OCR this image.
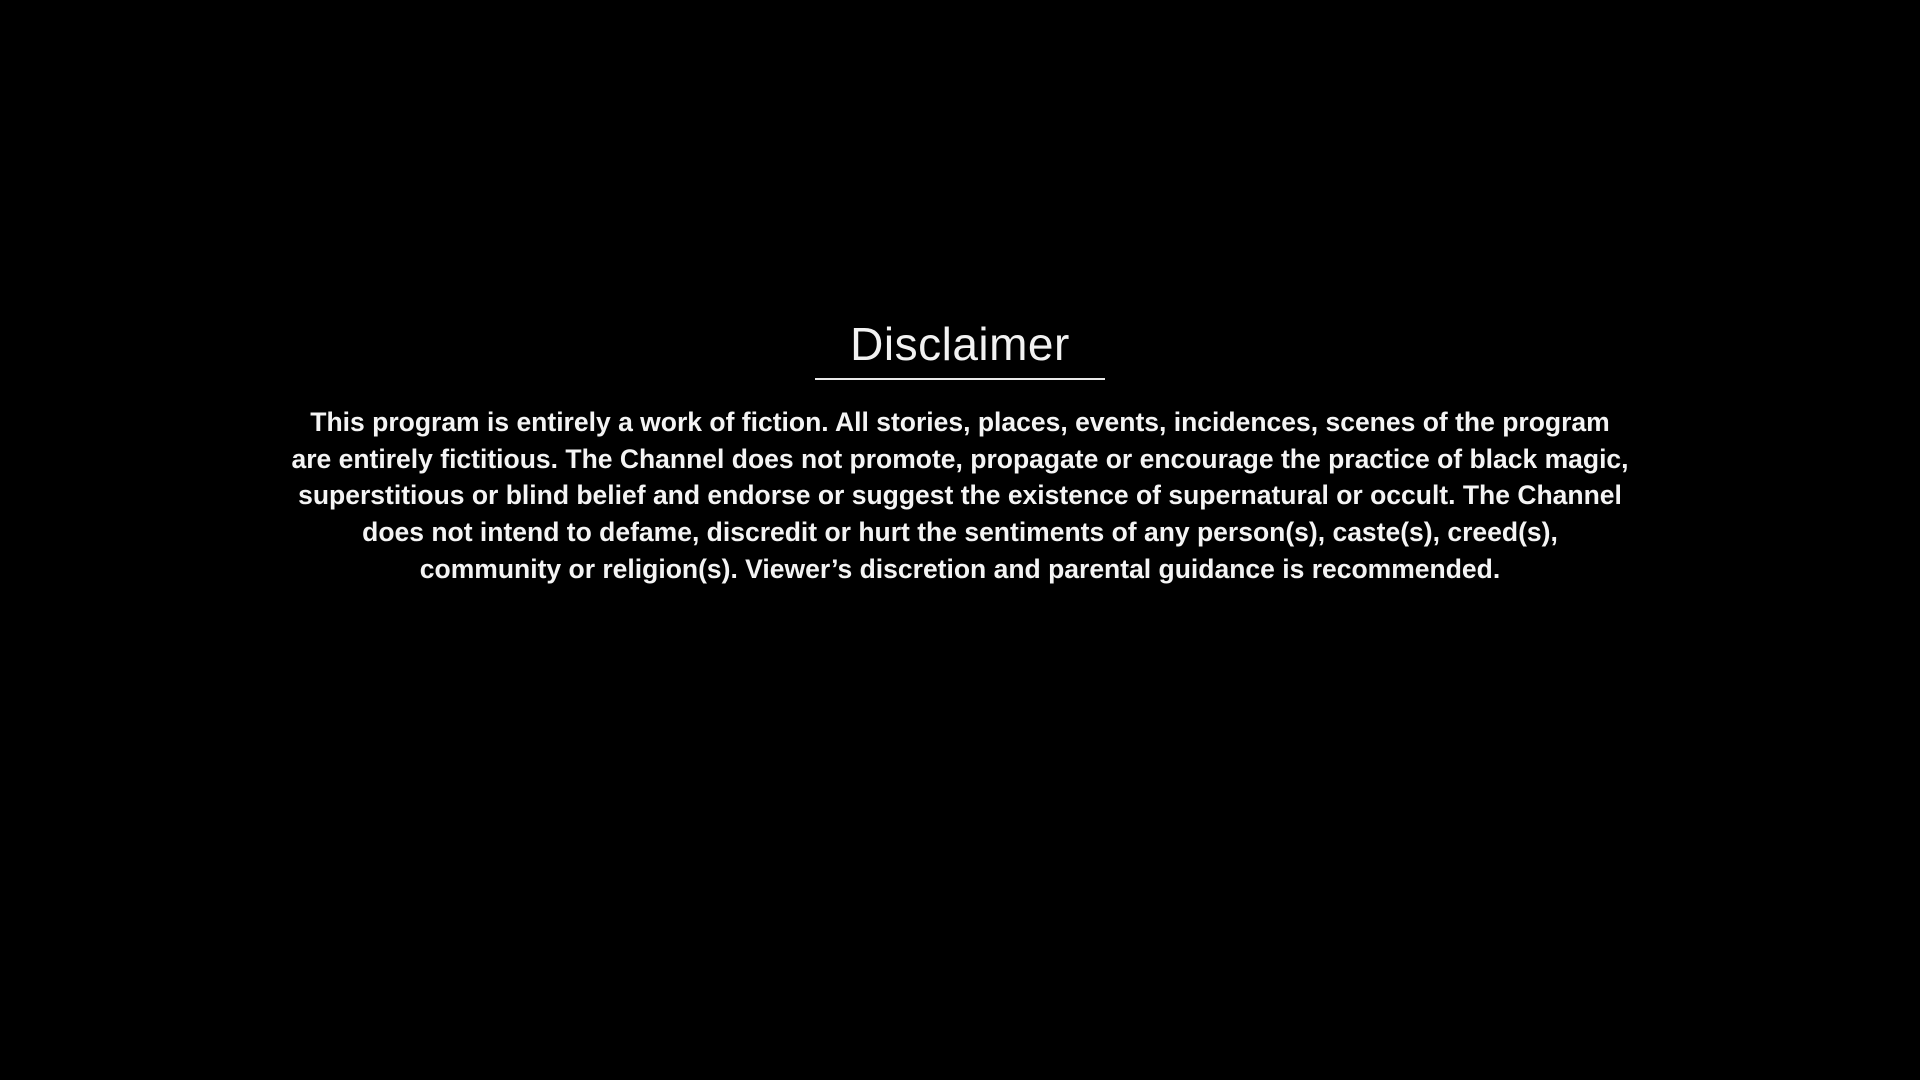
Disclaimer

This program is entirely a work of fiction. All stories, places, events, incidences, scenes of the program are entirely fictitious. The Channel does not promote, propagate or encourage the practice of black magic, superstitious or blind belief and endorse or suggest the existence of supernatural or occult. The Channel does not intend to defame, discredit or hurt the sentiments of any person(s), caste(s), creed(s), community or religion(s). Viewer’s discretion and parental guidance is recommended.
